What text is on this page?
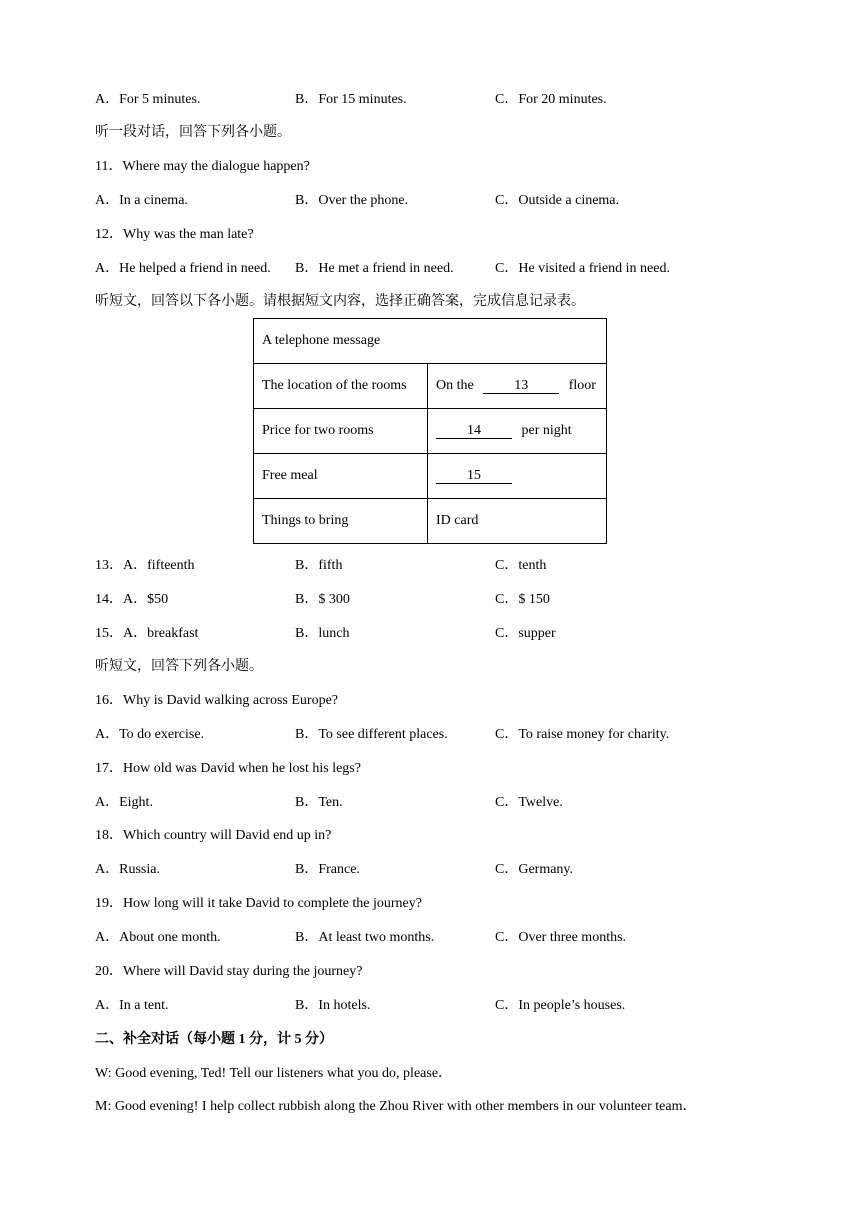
A．For 5 minutes.	B．For 15 minutes.	C．For 20 minutes.
听一段对话，回答下列各小题。
11．Where may the dialogue happen?
A．In a cinema.	B．Over the phone.	C．Outside a cinema.
12．Why was the man late?
A．He helped a friend in need. B．He met a friend in need.	C．He visited a friend in need.
听短文，回答以下各小题。请根据短文内容，选择正确答案，完成信息记录表。
A telephone message	
The location of the rooms	On the 13 floor
Price for two rooms	14 per night
Free meal	15
Things to bring	ID card
13．A．fifteenth	B．fifth	C．tenth
14．A．$50	B．$ 300	C．$ 150
15．A．breakfast	B．lunch	C．supper
听短文，回答下列各小题。
16．Why is David walking across Europe?
A．To do exercise.	B．To see different places.	C．To raise money for charity.
17．How old was David when he lost his legs?
A．Eight.	B．Ten.	C．Twelve.
18．Which country will David end up in?
A．Russia.	B．France.	C．Germany.
19．How long will it take David to complete the journey?
A．About one month.	B．At least two months.	C．Over three months.
20．Where will David stay during the journey?
A．In a tent.	B．In hotels.	C．In people’s houses.
二、补全对话（每小题 1 分，计 5 分）
W: Good evening, Ted! Tell our listeners what you do, please．
M: Good evening! I help collect rubbish along the Zhou River with other members in our volunteer team．
